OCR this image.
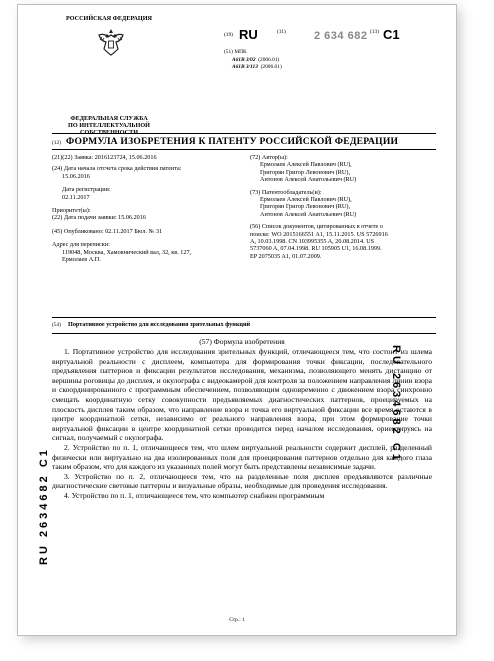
РОССИЙСКАЯ ФЕДЕРАЦИЯ
ФЕДЕРАЛЬНАЯ СЛУЖБА
ПО ИНТЕЛЛЕКТУАЛЬНОЙ СОБСТВЕННОСТИ
(19) RU	(11)	2 634 682 (13) C1
(51) МПК
A61B 3/02 (2006.01)
A61B 3/113 (2006.01)
(12) ФОРМУЛА ИЗОБРЕТЕНИЯ К ПАТЕНТУ РОССИЙСКОЙ ФЕДЕРАЦИИ

(21)(22) Заявка: 2016123724, 15.06.2016

(24) Дата начала отсчета срока действия патента:

15.06.2016

Дата регистрации:

02.11.2017

Приоритет(ы):

(22) Дата подачи заявки: 15.06.2016

(45) Опубликовано: 02.11.2017 Бюл. № 31

Адрес для переписки:

119048, Москва, Хамовнический вал, 32, кв. 127,

Ермолаев А.П.

(72) Автор(ы):

Ермолаев Алексей Павлович (RU),

Григорян Григор Левонович (RU),

Антонов Алексей Анатольевич (RU)

(73) Патентообладатель(и):

Ермолаев Алексей Павлович (RU),

Григорян Григор Левонович (RU),

Антонов Алексей Анатольевич (RU)

(56) Список документов, цитированных в отчете о поиске: WO 2015166551 A1, 15.11.2015. US 5726916 A, 10.03.1998. CN 103995355 A, 20.08.2014. US 5737060 A, 07.04.1998. RU 105905 U1, 16.08.1999. EP 2075035 A1, 01.07.2009.

RU 2634682 C1
(54) Портативное устройство для исследования зрительных функций
RU 2634682 C1
(57) Формула изобретения

1. Портативное устройство для исследования зрительных функций, отличающееся тем, что состоит из шлема виртуальной реальности с дисплеем, компьютера для формирования точки фиксации, последовательного предъявления паттернов и фиксации результатов исследования, механизма, позволяющего менять дистанцию от вершины роговицы до дисплея, и окулографа с видеокамерой для контроля за положением направления линии взора и скоординированного с программным обеспечением, позволяющим одновременно с движением взора синхронно смещать координатную сетку совокупности предъявляемых диагностических паттернов, проецируемых на плоскость дисплея таким образом, что направление взора и точка его виртуальной фиксации все время остаются в центре координатной сетки, независимо от реального направления взора, при этом формирование точки виртуальной фиксации в центре координатной сетки проводится перед началом исследования, ориентируясь на сигнал, получаемый с окулографа.

2. Устройство по п. 1, отличающееся тем, что шлем виртуальной реальности содержит дисплей, разделенный физически или виртуально на два изолированных поля для проецирования паттернов отдельно для каждого глаза таким образом, что для каждого из указанных полей могут быть представлены независимые задачи.

3. Устройство по п. 2, отличающееся тем, что на разделенные поля дисплея предъявляются различные диагностические световые паттерны и визуальные образы, необходимые для проведения исследования.

4. Устройство по п. 1, отличающееся тем, что компьютер снабжен программным

Стр.: 1
